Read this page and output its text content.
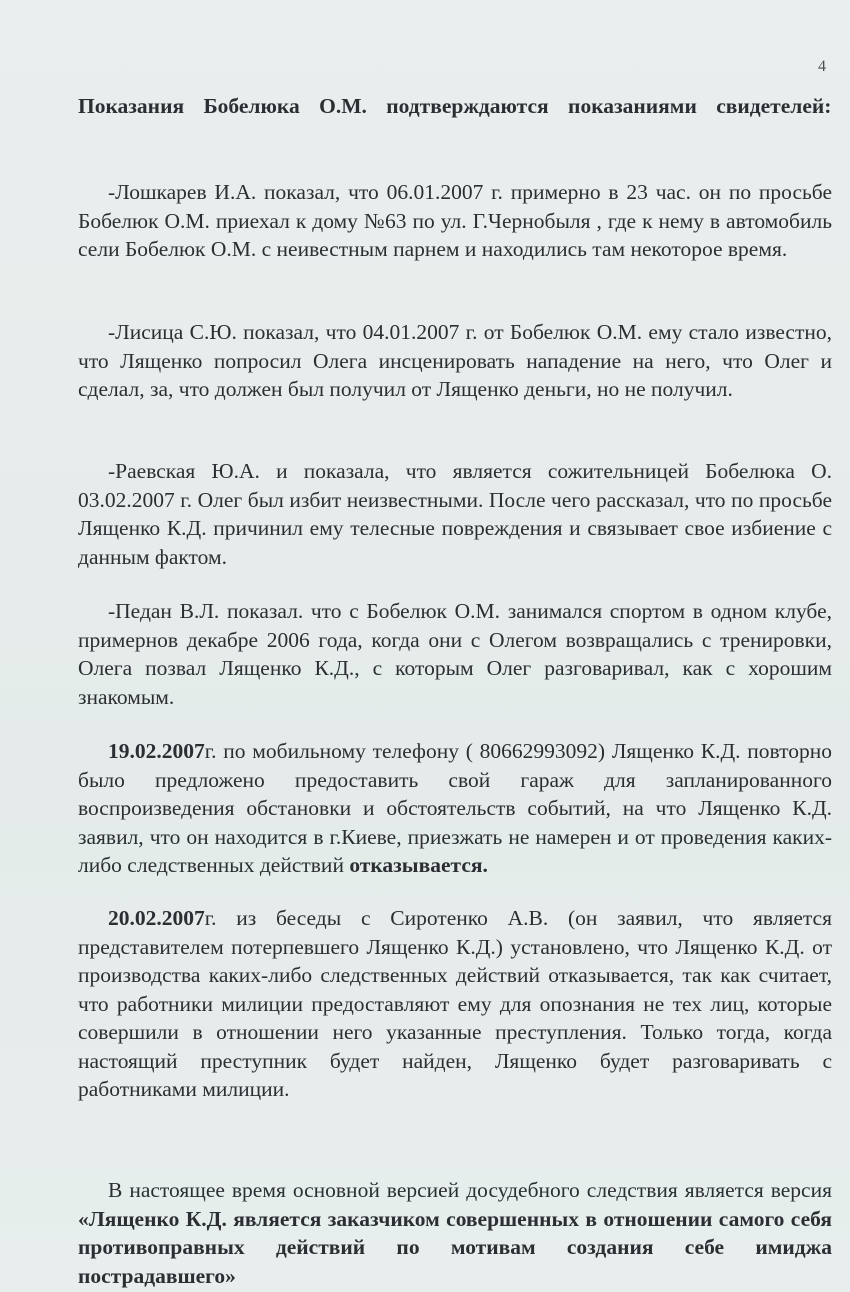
4
Показания Бобелюка О.М. подтверждаются показаниями свидетелей:
-Лошкарев И.А. показал, что 06.01.2007 г. примерно в 23 час. он по просьбе Бобелюк О.М. приехал к дому №63 по ул. Г.Чернобыля , где к нему в автомобиль сели Бобелюк О.М. с неивестным парнем и находились там некоторое время.
-Лисица С.Ю. показал, что 04.01.2007 г. от Бобелюк О.М. ему стало известно, что Лященко попросил Олега инсценировать нападение на него, что Олег и сделал, за, что должен был получил от Лященко деньги, но не получил.
-Раевская Ю.А. и показала, что является сожительницей Бобелюка О. 03.02.2007 г. Олег был избит неизвестными. После чего рассказал, что по просьбе Лященко К.Д. причинил ему телесные повреждения и связывает свое избиение с данным фактом.
-Педан В.Л. показал. что с Бобелюк О.М. занимался спортом в одном клубе, примернов декабре 2006 года, когда они с Олегом возвращались с тренировки, Олега позвал Лященко К.Д., с которым Олег разговаривал, как с хорошим знакомым.
19.02.2007г. по мобильному телефону ( 80662993092) Лященко К.Д. повторно было предложено предоставить свой гараж для запланированного воспроизведения обстановки и обстоятельств событий, на что Лященко К.Д. заявил, что он находится в г.Киеве, приезжать не намерен и от проведения каких- либо следственных действий отказывается.
20.02.2007г. из беседы с Сиротенко А.В. (он заявил, что является представителем потерпевшего Лященко К.Д.) установлено, что Лященко К.Д. от производства каких-либо следственных действий отказывается, так как считает, что работники милиции предоставляют ему для опознания не тех лиц, которые совершили в отношении него указанные преступления. Только тогда, когда настоящий преступник будет найден, Лященко будет разговаривать с работниками милиции.
В настоящее время основной версией досудебного следствия является версия «Лященко К.Д. является заказчиком совершенных в отношении самого себя противоправных действий по мотивам создания себе имиджа пострадавшего»
